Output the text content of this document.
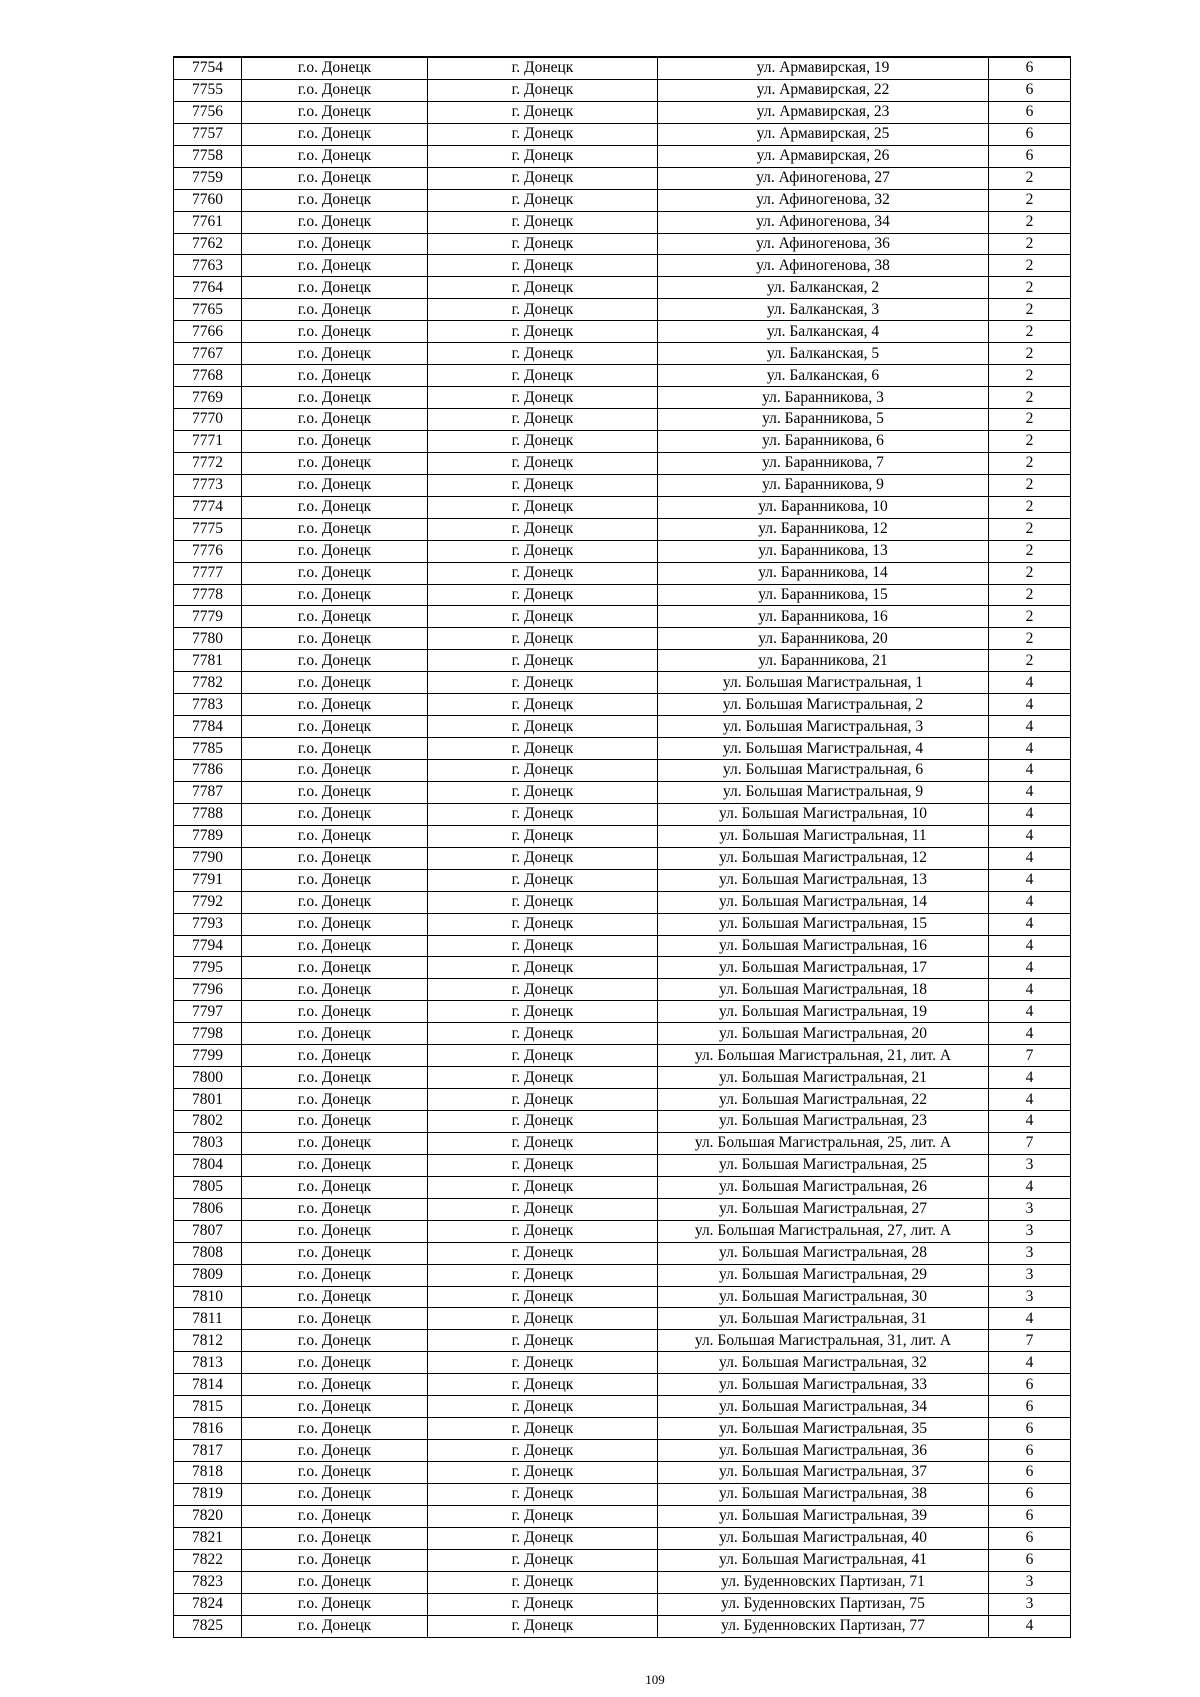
7754	г.о. Донецк	г. Донецк	ул. Армавирская, 19	6
7755	г.о. Донецк	г. Донецк	ул. Армавирская, 22	6
7756	г.о. Донецк	г. Донецк	ул. Армавирская, 23	6
7757	г.о. Донецк	г. Донецк	ул. Армавирская, 25	6
7758	г.о. Донецк	г. Донецк	ул. Армавирская, 26	6
7759	г.о. Донецк	г. Донецк	ул. Афиногенова, 27	2
7760	г.о. Донецк	г. Донецк	ул. Афиногенова, 32	2
7761	г.о. Донецк	г. Донецк	ул. Афиногенова, 34	2
7762	г.о. Донецк	г. Донецк	ул. Афиногенова, 36	2
7763	г.о. Донецк	г. Донецк	ул. Афиногенова, 38	2
7764	г.о. Донецк	г. Донецк	ул. Балканская, 2	2
7765	г.о. Донецк	г. Донецк	ул. Балканская, 3	2
7766	г.о. Донецк	г. Донецк	ул. Балканская, 4	2
7767	г.о. Донецк	г. Донецк	ул. Балканская, 5	2
7768	г.о. Донецк	г. Донецк	ул. Балканская, 6	2
7769	г.о. Донецк	г. Донецк	ул. Баранникова, 3	2
7770	г.о. Донецк	г. Донецк	ул. Баранникова, 5	2
7771	г.о. Донецк	г. Донецк	ул. Баранникова, 6	2
7772	г.о. Донецк	г. Донецк	ул. Баранникова, 7	2
7773	г.о. Донецк	г. Донецк	ул. Баранникова, 9	2
7774	г.о. Донецк	г. Донецк	ул. Баранникова, 10	2
7775	г.о. Донецк	г. Донецк	ул. Баранникова, 12	2
7776	г.о. Донецк	г. Донецк	ул. Баранникова, 13	2
7777	г.о. Донецк	г. Донецк	ул. Баранникова, 14	2
7778	г.о. Донецк	г. Донецк	ул. Баранникова, 15	2
7779	г.о. Донецк	г. Донецк	ул. Баранникова, 16	2
7780	г.о. Донецк	г. Донецк	ул. Баранникова, 20	2
7781	г.о. Донецк	г. Донецк	ул. Баранникова, 21	2
7782	г.о. Донецк	г. Донецк	ул. Большая Магистральная, 1	4
7783	г.о. Донецк	г. Донецк	ул. Большая Магистральная, 2	4
7784	г.о. Донецк	г. Донецк	ул. Большая Магистральная, 3	4
7785	г.о. Донецк	г. Донецк	ул. Большая Магистральная, 4	4
7786	г.о. Донецк	г. Донецк	ул. Большая Магистральная, 6	4
7787	г.о. Донецк	г. Донецк	ул. Большая Магистральная, 9	4
7788	г.о. Донецк	г. Донецк	ул. Большая Магистральная, 10	4
7789	г.о. Донецк	г. Донецк	ул. Большая Магистральная, 11	4
7790	г.о. Донецк	г. Донецк	ул. Большая Магистральная, 12	4
7791	г.о. Донецк	г. Донецк	ул. Большая Магистральная, 13	4
7792	г.о. Донецк	г. Донецк	ул. Большая Магистральная, 14	4
7793	г.о. Донецк	г. Донецк	ул. Большая Магистральная, 15	4
7794	г.о. Донецк	г. Донецк	ул. Большая Магистральная, 16	4
7795	г.о. Донецк	г. Донецк	ул. Большая Магистральная, 17	4
7796	г.о. Донецк	г. Донецк	ул. Большая Магистральная, 18	4
7797	г.о. Донецк	г. Донецк	ул. Большая Магистральная, 19	4
7798	г.о. Донецк	г. Донецк	ул. Большая Магистральная, 20	4
7799	г.о. Донецк	г. Донецк	ул. Большая Магистральная, 21, лит. А	7
7800	г.о. Донецк	г. Донецк	ул. Большая Магистральная, 21	4
7801	г.о. Донецк	г. Донецк	ул. Большая Магистральная, 22	4
7802	г.о. Донецк	г. Донецк	ул. Большая Магистральная, 23	4
7803	г.о. Донецк	г. Донецк	ул. Большая Магистральная, 25, лит. А	7
7804	г.о. Донецк	г. Донецк	ул. Большая Магистральная, 25	3
7805	г.о. Донецк	г. Донецк	ул. Большая Магистральная, 26	4
7806	г.о. Донецк	г. Донецк	ул. Большая Магистральная, 27	3
7807	г.о. Донецк	г. Донецк	ул. Большая Магистральная, 27, лит. А	3
7808	г.о. Донецк	г. Донецк	ул. Большая Магистральная, 28	3
7809	г.о. Донецк	г. Донецк	ул. Большая Магистральная, 29	3
7810	г.о. Донецк	г. Донецк	ул. Большая Магистральная, 30	3
7811	г.о. Донецк	г. Донецк	ул. Большая Магистральная, 31	4
7812	г.о. Донецк	г. Донецк	ул. Большая Магистральная, 31, лит. А	7
7813	г.о. Донецк	г. Донецк	ул. Большая Магистральная, 32	4
7814	г.о. Донецк	г. Донецк	ул. Большая Магистральная, 33	6
7815	г.о. Донецк	г. Донецк	ул. Большая Магистральная, 34	6
7816	г.о. Донецк	г. Донецк	ул. Большая Магистральная, 35	6
7817	г.о. Донецк	г. Донецк	ул. Большая Магистральная, 36	6
7818	г.о. Донецк	г. Донецк	ул. Большая Магистральная, 37	6
7819	г.о. Донецк	г. Донецк	ул. Большая Магистральная, 38	6
7820	г.о. Донецк	г. Донецк	ул. Большая Магистральная, 39	6
7821	г.о. Донецк	г. Донецк	ул. Большая Магистральная, 40	6
7822	г.о. Донецк	г. Донецк	ул. Большая Магистральная, 41	6
7823	г.о. Донецк	г. Донецк	ул. Буденновских Партизан, 71	3
7824	г.о. Донецк	г. Донецк	ул. Буденновских Партизан, 75	3
7825	г.о. Донецк	г. Донецк	ул. Буденновских Партизан, 77	4
109
